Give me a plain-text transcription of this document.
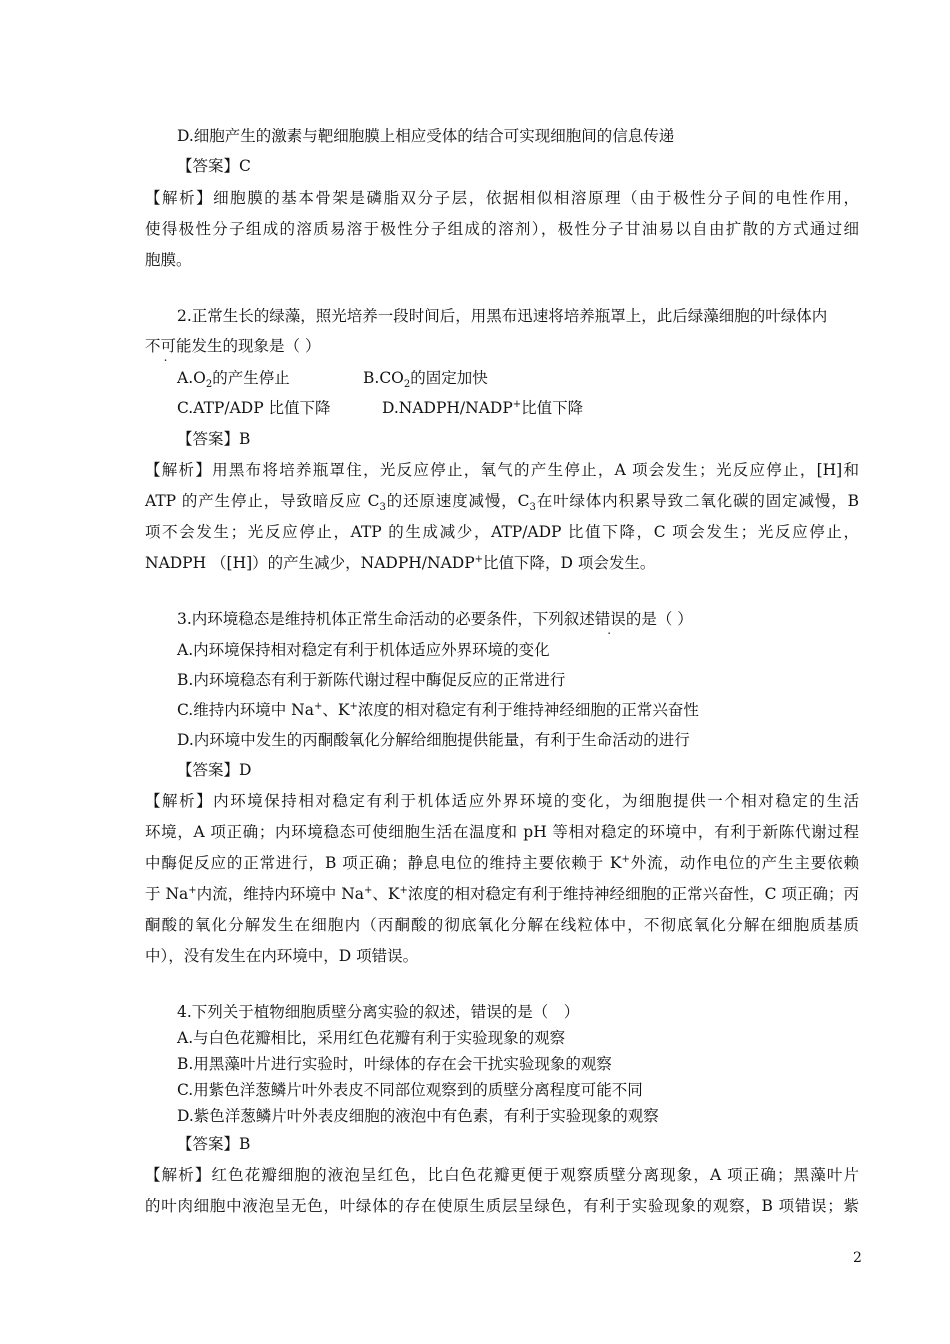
D.细胞产生的激素与靶细胞膜上相应受体的结合可实现细胞间的信息传递
【答案】C
【解析】细胞膜的基本骨架是磷脂双分子层，依据相似相溶原理（由于极性分子间的电性作用，
使得极性分子组成的溶质易溶于极性分子组成的溶剂），极性分子甘油易以自由扩散的方式通过细
胞膜。
2.正常生长的绿藻，照光培养一段时间后，用黑布迅速将培养瓶罩上，此后绿藻细胞的叶绿体内
不可能发生的现象是（ ）
$A.O_2$的产生停止	$B.CO_2$的固定加快
C.ATP/ADP 比值下降	D.NADPH/NADP+比值下降
【答案】B
【解析】用黑布将培养瓶罩住，光反应停止，氧气的产生停止，A 项会发生；光反应停止，[H]和
ATP 的产生停止，导致暗反应 $C_3$的还原速度减慢，$C_3$在叶绿体内积累导致二氧化碳的固定减慢，B
项不会发生；光反应停止，ATP 的生成减少，ATP/ADP 比值下降，C 项会发生；光反应停止，
NADPH （[H]）的产生减少，NADPH/NADP+比值下降，D 项会发生。
3.内环境稳态是维持机体正常生命活动的必要条件，下列叙述错误的是（ ）
A.内环境保持相对稳定有利于机体适应外界环境的变化
B.内环境稳态有利于新陈代谢过程中酶促反应的正常进行
C.维持内环境中 Na+、K+浓度的相对稳定有利于维持神经细胞的正常兴奋性
D.内环境中发生的丙酮酸氧化分解给细胞提供能量，有利于生命活动的进行
【答案】D
【解析】内环境保持相对稳定有利于机体适应外界环境的变化，为细胞提供一个相对稳定的生活
环境，A 项正确；内环境稳态可使细胞生活在温度和 pH 等相对稳定的环境中，有利于新陈代谢过程
中酶促反应的正常进行，B 项正确；静息电位的维持主要依赖于 K+外流，动作电位的产生主要依赖
于 Na+内流，维持内环境中 Na+、K+浓度的相对稳定有利于维持神经细胞的正常兴奋性，C 项正确；丙
酮酸的氧化分解发生在细胞内（丙酮酸的彻底氧化分解在线粒体中，不彻底氧化分解在细胞质基质
中），没有发生在内环境中，D 项错误。
4.下列关于植物细胞质壁分离实验的叙述，错误的是（　）
A.与白色花瓣相比，采用红色花瓣有利于实验现象的观察
B.用黑藻叶片进行实验时，叶绿体的存在会干扰实验现象的观察
C.用紫色洋葱鳞片叶外表皮不同部位观察到的质壁分离程度可能不同
D.紫色洋葱鳞片叶外表皮细胞的液泡中有色素，有利于实验现象的观察
【答案】B
【解析】红色花瓣细胞的液泡呈红色，比白色花瓣更便于观察质壁分离现象，A 项正确；黑藻叶片
的叶肉细胞中液泡呈无色，叶绿体的存在使原生质层呈绿色，有利于实验现象的观察，B 项错误；紫
2
